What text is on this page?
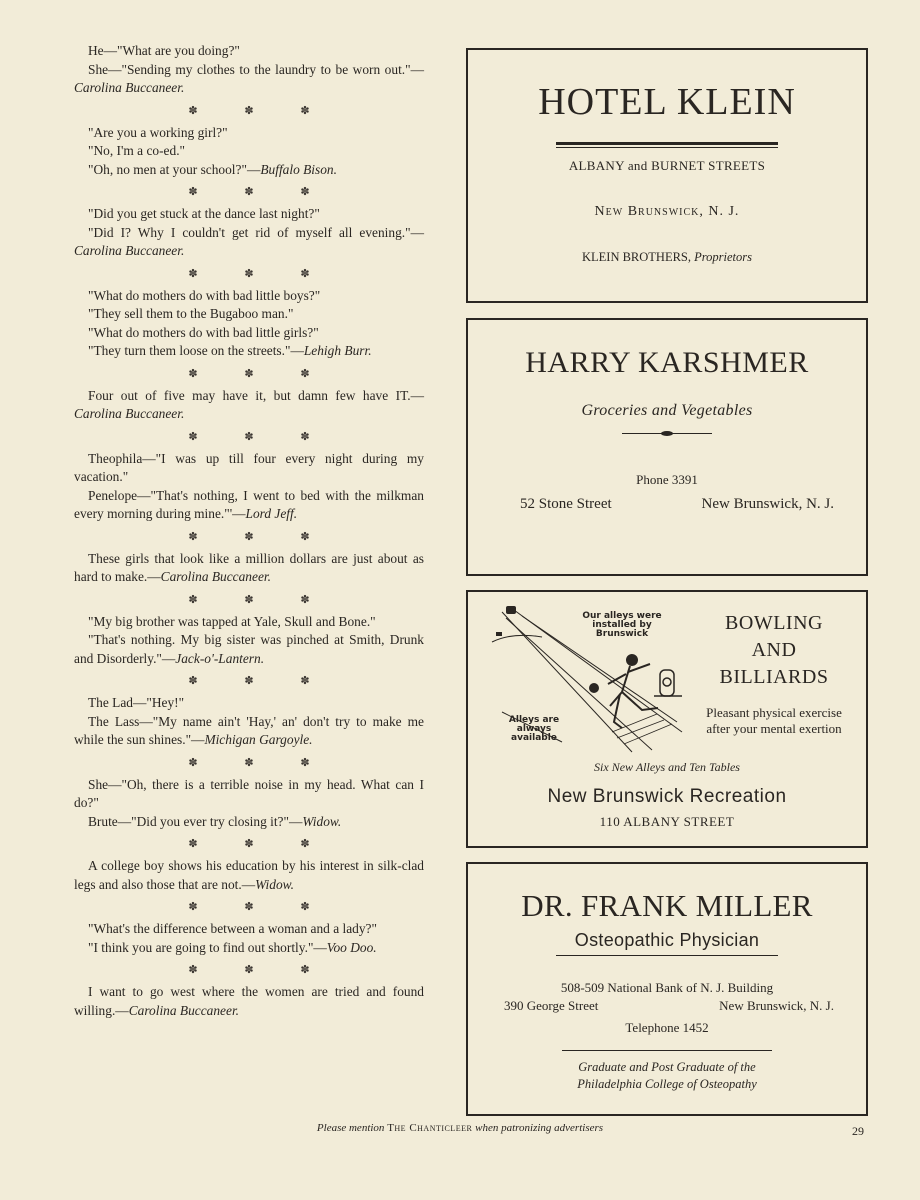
He—"What are you doing?"

She—"Sending my clothes to the laundry to be worn out."—Carolina Buccaneer.

✽ ✽ ✽

"Are you a working girl?"

"No, I'm a co-ed."

"Oh, no men at your school?"—Buffalo Bison.

✽ ✽ ✽

"Did you get stuck at the dance last night?"

"Did I? Why I couldn't get rid of myself all evening."—Carolina Buccaneer.

✽ ✽ ✽

"What do mothers do with bad little boys?"

"They sell them to the Bugaboo man."

"What do mothers do with bad little girls?"

"They turn them loose on the streets."—Lehigh Burr.

✽ ✽ ✽

Four out of five may have it, but damn few have IT.—Carolina Buccaneer.

✽ ✽ ✽

Theophila—"I was up till four every night during my vacation."

Penelope—"That's nothing, I went to bed with the milkman every morning during mine."'—Lord Jeff.

✽ ✽ ✽

These girls that look like a million dollars are just about as hard to make.—Carolina Buccaneer.

✽ ✽ ✽

"My big brother was tapped at Yale, Skull and Bone."

"That's nothing. My big sister was pinched at Smith, Drunk and Disorderly."—Jack-o'-Lantern.

✽ ✽ ✽

The Lad—"Hey!"

The Lass—"My name ain't 'Hay,' an' don't try to make me while the sun shines."—Michigan Gargoyle.

✽ ✽ ✽

She—"Oh, there is a terrible noise in my head. What can I do?"

Brute—"Did you ever try closing it?"—Widow.

✽ ✽ ✽

A college boy shows his education by his interest in silk-clad legs and also those that are not.—Widow.

✽ ✽ ✽

"What's the difference between a woman and a lady?"

"I think you are going to find out shortly."—Voo Doo.

✽ ✽ ✽

I want to go west where the women are tried and found willing.—Carolina Buccaneer.

HOTEL KLEIN
ALBANY and BURNET STREETS
New Brunswick, N. J.
KLEIN BROTHERS, Proprietors
HARRY KARSHMER
Groceries and Vegetables
Phone 3391
52 Stone Street	New Brunswick, N. J.
Our alleys were installed by Brunswick
Alleys are always available
BOWLING
AND
BILLIARDS
Pleasant physical exercise after your mental exertion
Six New Alleys and Ten Tables
New Brunswick Recreation
110 ALBANY STREET
DR. FRANK MILLER
Osteopathic Physician
508-509 National Bank of N. J. Building
390 George Street	New Brunswick, N. J.
Telephone 1452
Graduate and Post Graduate of the
Philadelphia College of Osteopathy
Please mention The Chanticleer when patronizing advertisers	29
